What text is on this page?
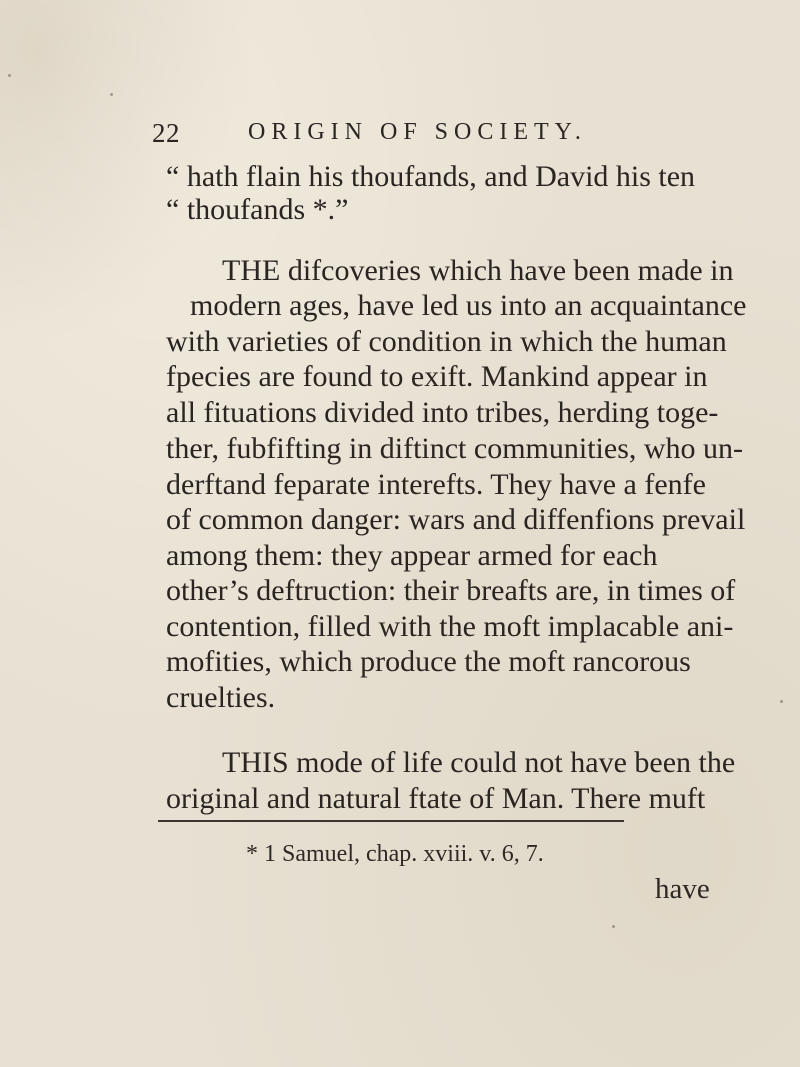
22	ORIGIN OF SOCIETY.
“ hath flain his thoufands, and David his ten
“ thoufands *.”
THE difcoveries which have been made in
modern ages, have led us into an acquaintance
with varieties of condition in which the human
fpecies are found to exift. Mankind appear in
all fituations divided into tribes, herding toge-
ther, fubfifting in diftinct communities, who un-
derftand feparate interefts. They have a fenfe
of common danger: wars and diffenfions prevail
among them: they appear armed for each
other’s deftruction: their breafts are, in times of
contention, filled with the moft implacable ani-
mofities, which produce the moft rancorous
cruelties.
THIS mode of life could not have been the
original and natural ftate of Man. There muft
* 1 Samuel, chap. xviii. v. 6, 7.
have
